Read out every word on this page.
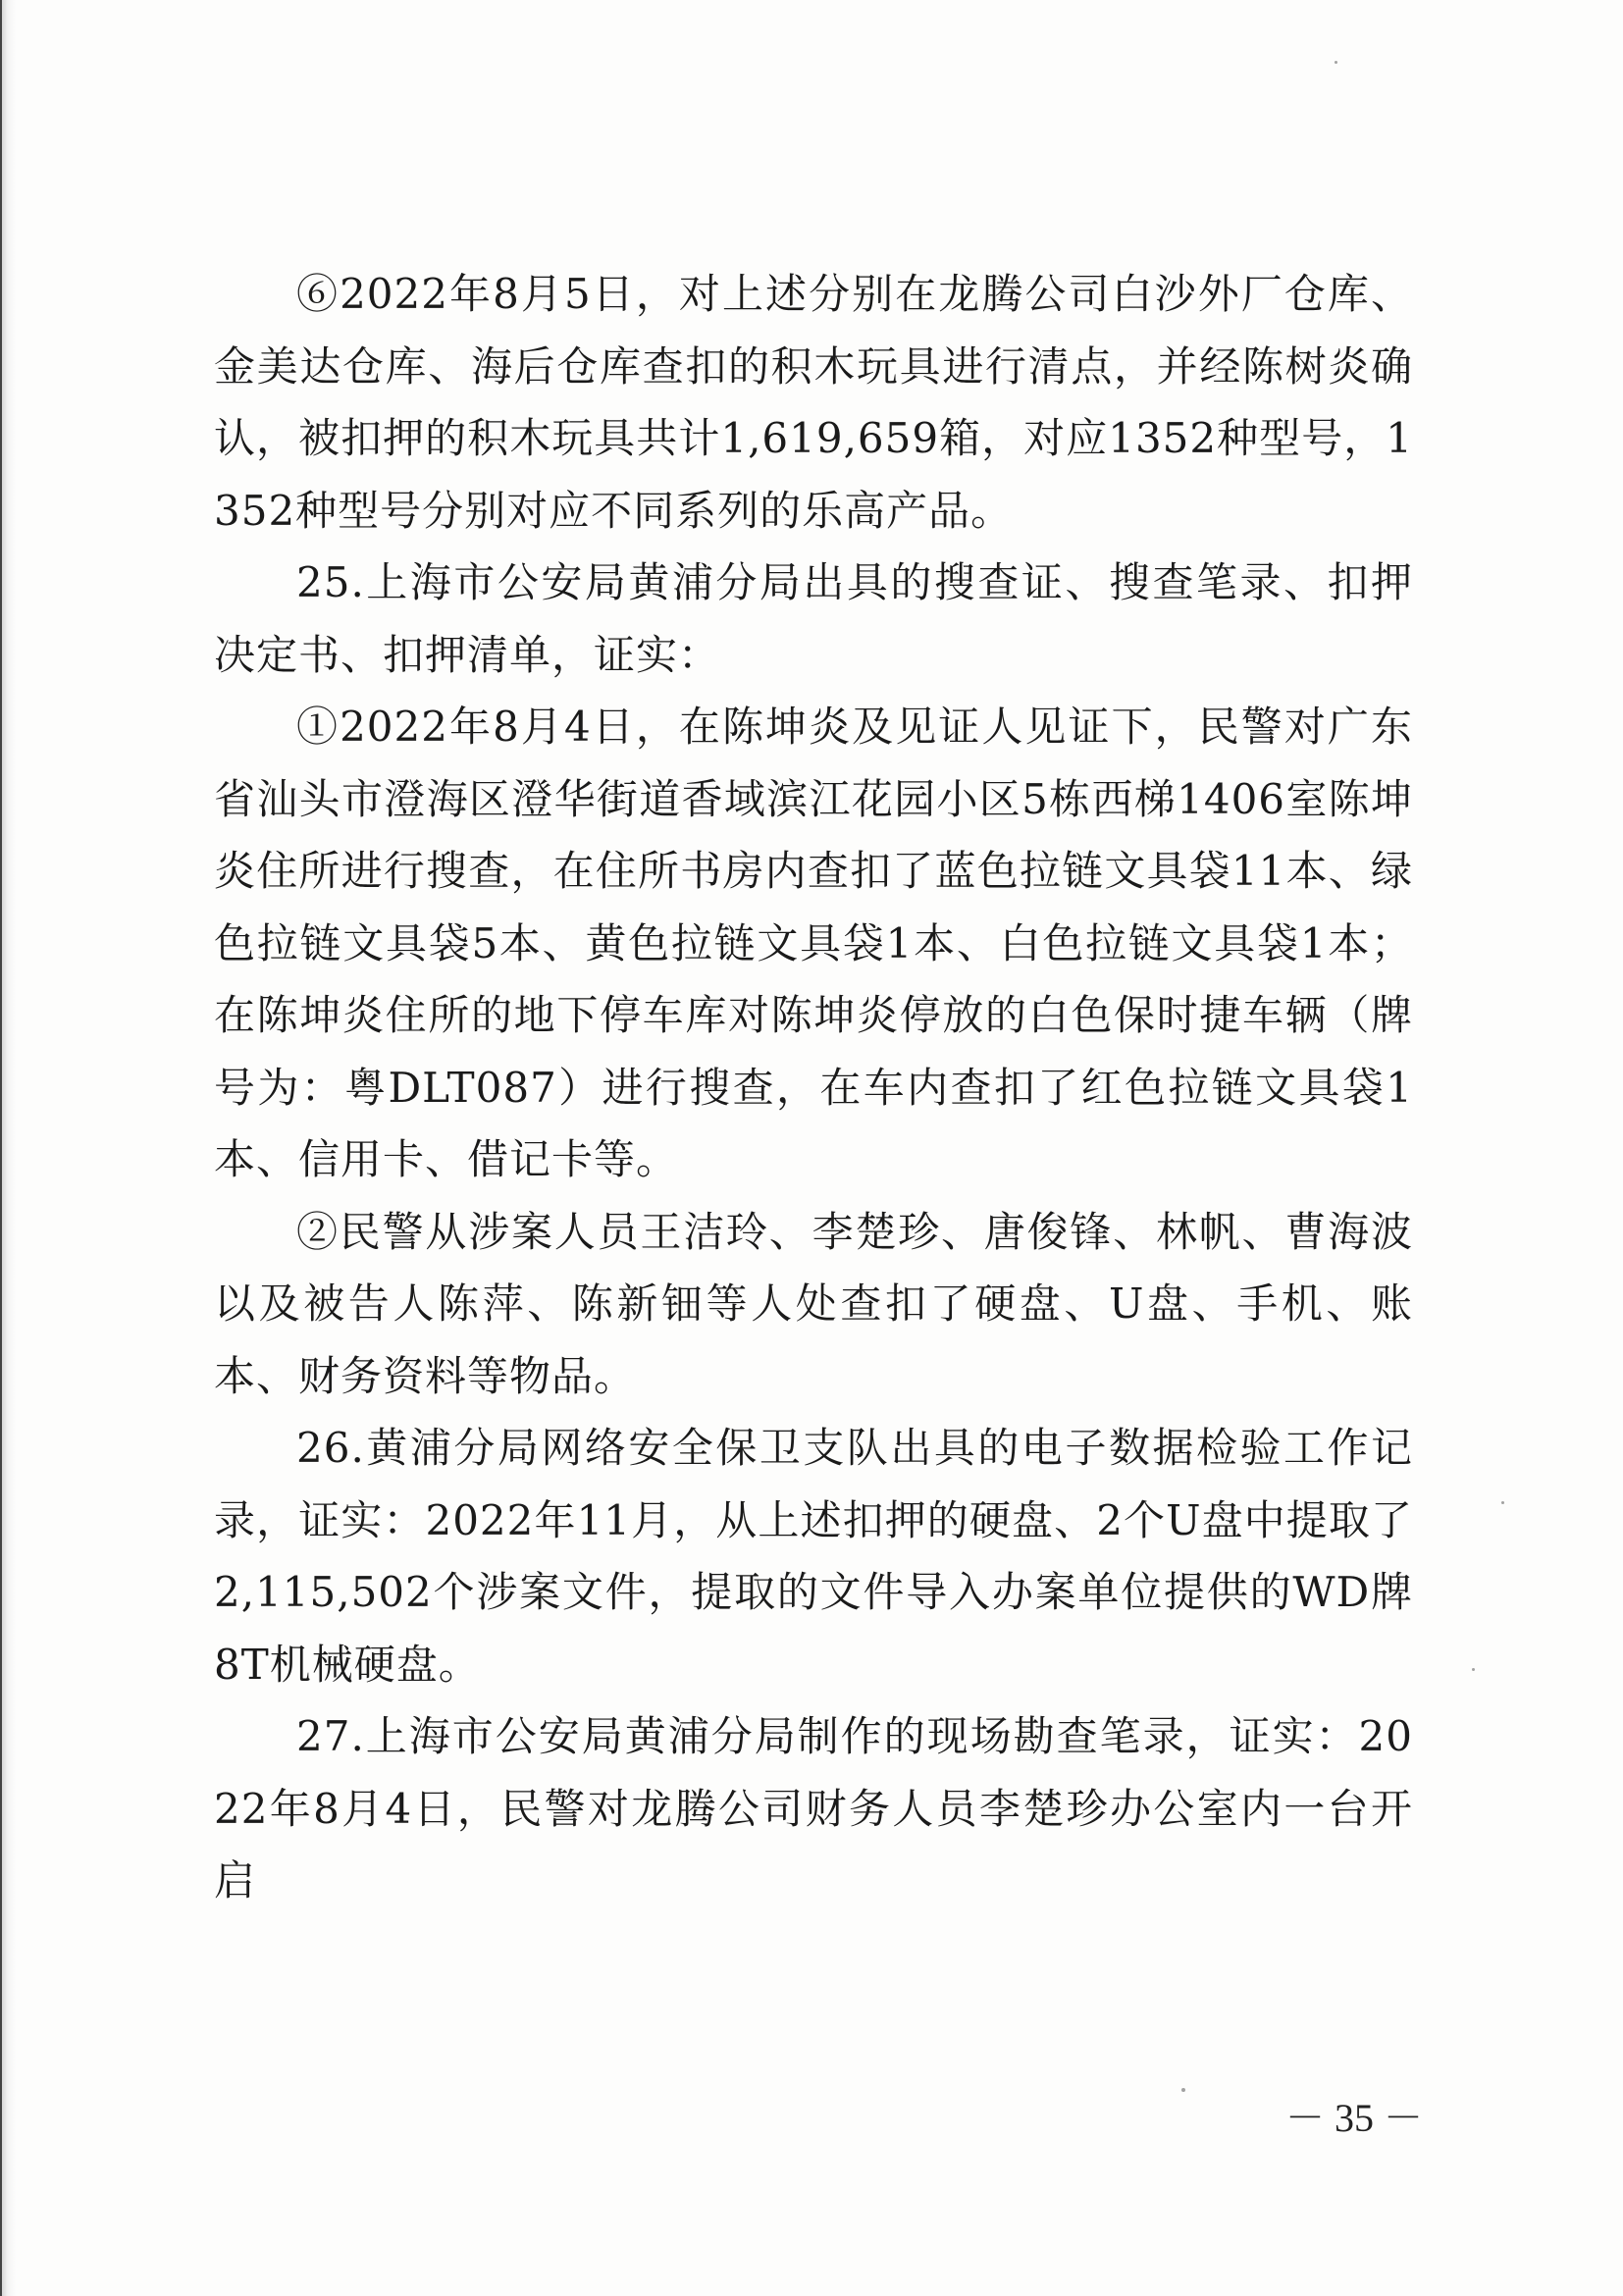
⑥2022年8月5日，对上述分别在龙腾公司白沙外厂仓库、金美达仓库、海后仓库查扣的积木玩具进行清点，并经陈树炎确认，被扣押的积木玩具共计1,619,659箱，对应1352种型号，1352种型号分别对应不同系列的乐高产品。

25.上海市公安局黄浦分局出具的搜查证、搜查笔录、扣押决定书、扣押清单，证实：

①2022年8月4日，在陈坤炎及见证人见证下，民警对广东省汕头市澄海区澄华街道香域滨江花园小区5栋西梯1406室陈坤炎住所进行搜查，在住所书房内查扣了蓝色拉链文具袋11本、绿色拉链文具袋5本、黄色拉链文具袋1本、白色拉链文具袋1本；在陈坤炎住所的地下停车库对陈坤炎停放的白色保时捷车辆（牌号为：粤DLT087）进行搜查，在车内查扣了红色拉链文具袋1本、信用卡、借记卡等。

②民警从涉案人员王洁玲、李楚珍、唐俊锋、林帆、曹海波以及被告人陈萍、陈新钿等人处查扣了硬盘、U盘、手机、账本、财务资料等物品。

26.黄浦分局网络安全保卫支队出具的电子数据检验工作记录，证实：2022年11月，从上述扣押的硬盘、2个U盘中提取了2,115,502个涉案文件，提取的文件导入办案单位提供的WD牌8T机械硬盘。

27.上海市公安局黄浦分局制作的现场勘查笔录，证实：2022年8月4日，民警对龙腾公司财务人员李楚珍办公室内一台开启

－ 35 －
